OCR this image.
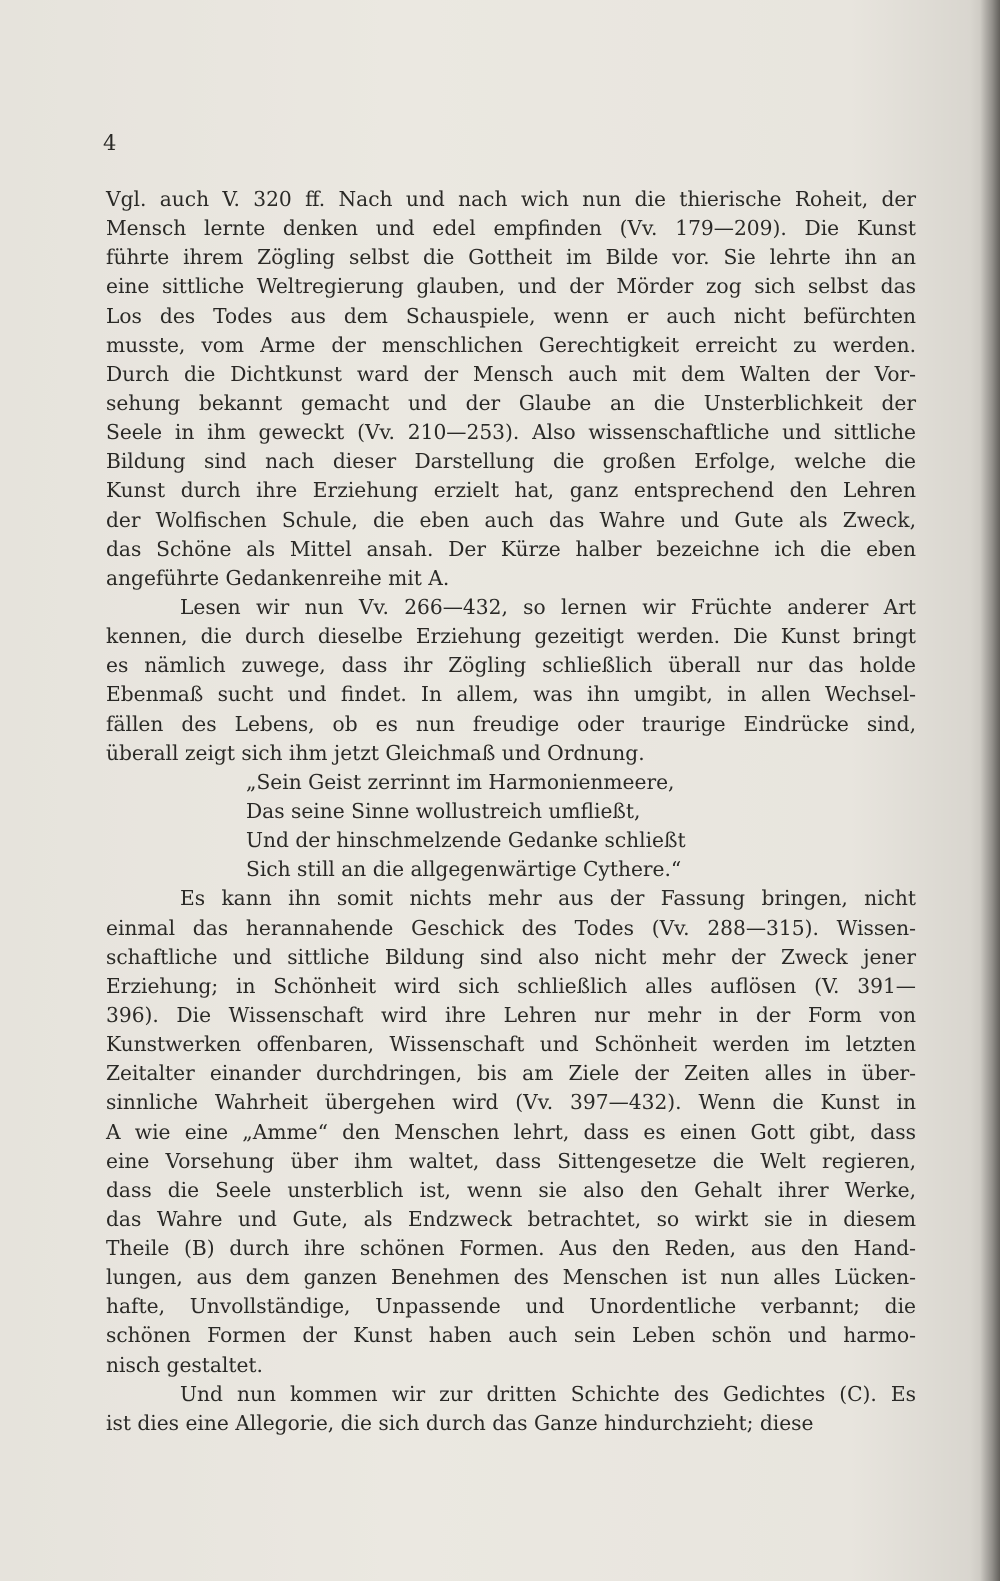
4
Vgl. auch V. 320 ff. Nach und nach wich nun die thierische Roheit, der
Mensch lernte denken und edel empfinden (Vv. 179—209). Die Kunst
führte ihrem Zögling selbst die Gottheit im Bilde vor. Sie lehrte ihn an
eine sittliche Weltregierung glauben, und der Mörder zog sich selbst das
Los des Todes aus dem Schauspiele, wenn er auch nicht befürchten
musste, vom Arme der menschlichen Gerechtigkeit erreicht zu werden.
Durch die Dichtkunst ward der Mensch auch mit dem Walten der Vor-
sehung bekannt gemacht und der Glaube an die Unsterblichkeit der
Seele in ihm geweckt (Vv. 210—253). Also wissenschaftliche und sittliche
Bildung sind nach dieser Darstellung die großen Erfolge, welche die
Kunst durch ihre Erziehung erzielt hat, ganz entsprechend den Lehren
der Wolfischen Schule, die eben auch das Wahre und Gute als Zweck,
das Schöne als Mittel ansah. Der Kürze halber bezeichne ich die eben
angeführte Gedankenreihe mit A.
Lesen wir nun Vv. 266—432, so lernen wir Früchte anderer Art
kennen, die durch dieselbe Erziehung gezeitigt werden. Die Kunst bringt
es nämlich zuwege, dass ihr Zögling schließlich überall nur das holde
Ebenmaß sucht und findet. In allem, was ihn umgibt, in allen Wechsel-
fällen des Lebens, ob es nun freudige oder traurige Eindrücke sind,
überall zeigt sich ihm jetzt Gleichmaß und Ordnung.
„Sein Geist zerrinnt im Harmonienmeere,
Das seine Sinne wollustreich umfließt,
Und der hinschmelzende Gedanke schließt
Sich still an die allgegenwärtige Cythere.“
Es kann ihn somit nichts mehr aus der Fassung bringen, nicht
einmal das herannahende Geschick des Todes (Vv. 288—315). Wissen-
schaftliche und sittliche Bildung sind also nicht mehr der Zweck jener
Erziehung; in Schönheit wird sich schließlich alles auflösen (V. 391—
396). Die Wissenschaft wird ihre Lehren nur mehr in der Form von
Kunstwerken offenbaren, Wissenschaft und Schönheit werden im letzten
Zeitalter einander durchdringen, bis am Ziele der Zeiten alles in über-
sinnliche Wahrheit übergehen wird (Vv. 397—432). Wenn die Kunst in
A wie eine „Amme“ den Menschen lehrt, dass es einen Gott gibt, dass
eine Vorsehung über ihm waltet, dass Sittengesetze die Welt regieren,
dass die Seele unsterblich ist, wenn sie also den Gehalt ihrer Werke,
das Wahre und Gute, als Endzweck betrachtet, so wirkt sie in diesem
Theile (B) durch ihre schönen Formen. Aus den Reden, aus den Hand-
lungen, aus dem ganzen Benehmen des Menschen ist nun alles Lücken-
hafte, Unvollständige, Unpassende und Unordentliche verbannt; die
schönen Formen der Kunst haben auch sein Leben schön und harmo-
nisch gestaltet.
Und nun kommen wir zur dritten Schichte des Gedichtes (C). Es
ist dies eine Allegorie, die sich durch das Ganze hindurchzieht; diese
